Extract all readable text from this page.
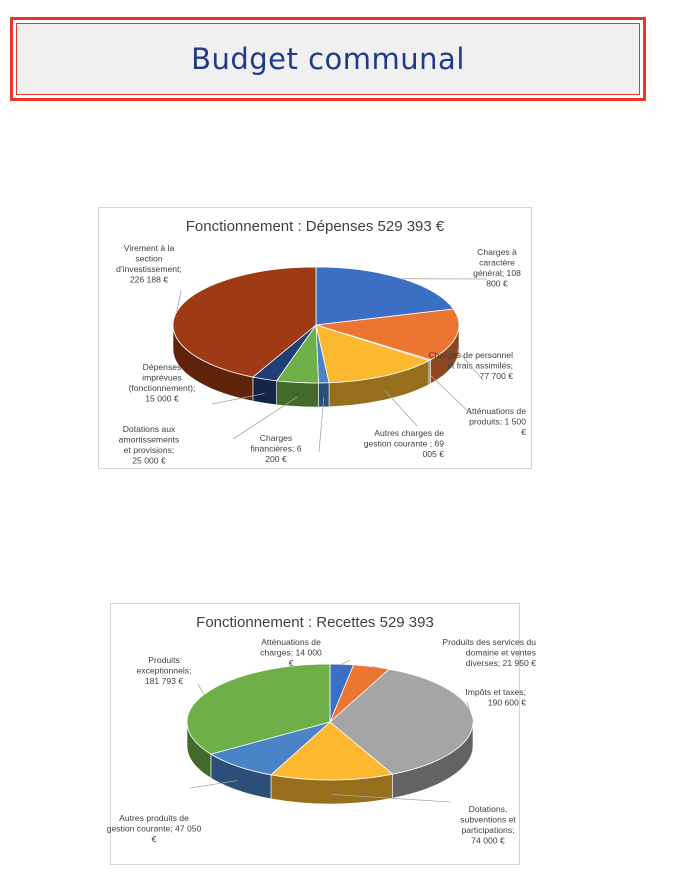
Budget communal
Fonctionnement : Dépenses 529 393 €
Charges à caractère général; 108 800 €
Charges de personnel et frais assimilés; 77 700 €
Atténuations de produits; 1 500 €
Autres charges de gestion courante ; 69 005 €
Charges financières; 6 200 €
Dotations aux amortissements et provisions; 25 000 €
Dépenses imprévues (fonctionnement); 15 000 €
Virement à la section d'investissement; 226 188 €
Fonctionnement : Recettes 529 393
Atténuations de charges; 14 000 €
Produits des services du domaine et ventes diverses; 21 950 €
Impôts et taxes; 190 600 €
Dotations, subventions et participations; 74 000 €
Autres produits de gestion courante; 47 050 €
Produits exceptionnels; 181 793 €
